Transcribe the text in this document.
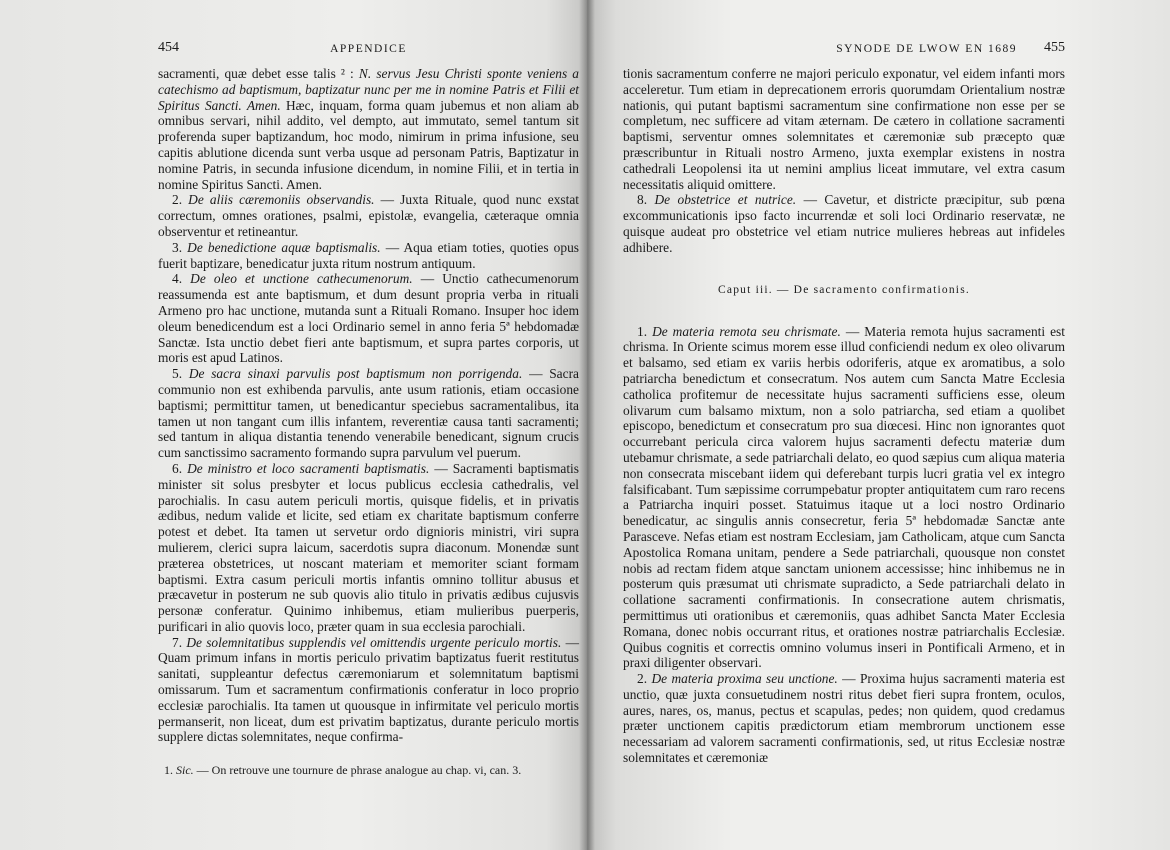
454	APPENDICE

sacramenti, quæ debet esse talis ² : N. servus Jesu Christi sponte veniens a catechismo ad baptismum, baptizatur nunc per me in nomine Patris et Filii et Spiritus Sancti. Amen. Hæc, inquam, forma quam jubemus et non aliam ab omnibus servari, nihil addito, vel dempto, aut immutato, semel tantum sit proferenda super baptizandum, hoc modo, nimirum in prima infusione, seu capitis ablutione dicenda sunt verba usque ad personam Patris, Baptizatur in nomine Patris, in secunda infusione dicendum, in nomine Filii, et in tertia in nomine Spiritus Sancti. Amen.

2. De aliis cæremoniis observandis. — Juxta Rituale, quod nunc exstat correctum, omnes orationes, psalmi, epistolæ, evangelia, cæteraque omnia observentur et retineantur.

3. De benedictione aquæ baptismalis. — Aqua etiam toties, quoties opus fuerit baptizare, benedicatur juxta ritum nostrum antiquum.

4. De oleo et unctione cathecumenorum. — Unctio cathecumenorum reassumenda est ante baptismum, et dum desunt propria verba in rituali Armeno pro hac unctione, mutanda sunt a Rituali Romano. Insuper hoc idem oleum benedicendum est a loci Ordinario semel in anno feria 5ª hebdomadæ Sanctæ. Ista unctio debet fieri ante baptismum, et supra partes corporis, ut moris est apud Latinos.

5. De sacra sinaxi parvulis post baptismum non porrigenda. — Sacra communio non est exhibenda parvulis, ante usum rationis, etiam occasione baptismi; permittitur tamen, ut benedicantur speciebus sacramentalibus, ita tamen ut non tangant cum illis infantem, reverentiæ causa tanti sacramenti; sed tantum in aliqua distantia tenendo venerabile benedicant, signum crucis cum sanctissimo sacramento formando supra parvulum vel puerum.

6. De ministro et loco sacramenti baptismatis. — Sacramenti baptismatis minister sit solus presbyter et locus publicus ecclesia cathedralis, vel parochialis. In casu autem periculi mortis, quisque fidelis, et in privatis ædibus, nedum valide et licite, sed etiam ex charitate baptismum conferre potest et debet. Ita tamen ut servetur ordo digniorіs ministri, viri supra mulierem, clerici supra laicum, sacerdotis supra diaconum. Monendæ sunt præterea obstetrices, ut noscant materiam et memoriter sciant formam baptismi. Extra casum periculi mortis infantis omnino tollitur abusus et præcavetur in posterum ne sub quovis alio titulo in privatis ædibus cujusvis personæ conferatur. Quinimo inhibemus, etiam mulieribus puerperis, purificari in alio quovis loco, præter quam in sua ecclesia parochiali.

7. De solemnitatibus supplendis vel omittendis urgente periculo mortis. — Quam primum infans in mortis periculo privatim baptizatus fuerit restitutus sanitati, suppleantur defectus cæremoniarum et solemnitatum baptismi omissarum. Tum et sacramentum confirmationis conferatur in loco proprio ecclesiæ parochialis. Ita tamen ut quousque in infirmitate vel periculo mortis permanserit, non liceat, dum est privatim baptizatus, durante periculo mortis supplere dictas solemnitates, neque confirma-

1. Sic. — On retrouve une tournure de phrase analogue au chap. vi, can. 3.
SYNODE DE LWOW EN 1689 455

tionis sacramentum conferre ne majori periculo exponatur, vel eidem infanti mors acceleretur. Tum etiam in deprecationem erroris quorumdam Orientalium nostræ nationis, qui putant baptismi sacramentum sine confirmatione non esse per se completum, nec sufficere ad vitam æternam. De cætero in collatione sacramenti baptismi, serventur omnes solemnitates et cæremoniæ sub præcepto quæ præscribuntur in Rituali nostro Armeno, juxta exemplar existens in nostra cathedrali Leopolensi ita ut nemini amplius liceat immutare, vel extra casum necessitatis aliquid omittere.

8. De obstetrice et nutrice. — Cavetur, et districte præcipitur, sub pœna excommunicationis ipso facto incurrendæ et soli loci Ordinario reservatæ, ne quisque audeat pro obstetrice vel etiam nutrice mulieres hebreas aut infideles adhibere.

Caput iii. — De sacramento confirmationis.

1. De materia remota seu chrismate. — Materia remota hujus sacramenti est chrisma. In Oriente scimus morem esse illud conficiendi nedum ex oleo olivarum et balsamo, sed etiam ex variis herbis odoriferis, atque ex aromatibus, a solo patriarcha benedictum et consecratum. Nos autem cum Sancta Matre Ecclesia catholica profitemur de necessitate hujus sacramenti sufficiens esse, oleum olivarum cum balsamo mixtum, non a solo patriarcha, sed etiam a quolibet episcopo, benedictum et consecratum pro sua diœcesi. Hinc non ignorantes quot occurrebant pericula circa valorem hujus sacramenti defectu materiæ dum utebamur chrismate, a sede patriarchali delato, eo quod sæpius cum aliqua materia non consecrata miscebant iidem qui deferebant turpis lucri gratia vel ex integro falsificabant. Tum sæpissime corrumpebatur propter antiquitatem cum raro recens a Patriarcha inquiri posset. Statuimus itaque ut a loci nostro Ordinario benedicatur, ac singulis annis consecretur, feria 5ª hebdomadæ Sanctæ ante Parasceve. Nefas etiam est nostram Ecclesiam, jam Catholicam, atque cum Sancta Apostolica Romana unitam, pendere a Sede patriarchali, quousque non constet nobis ad rectam fidem atque sanctam unionem accessisse; hinc inhibemus ne in posterum quis præsumat uti chrismate supradicto, a Sede patriarchali delato in collatione sacramenti confirmationis. In consecratione autem chrismatis, permittimus uti orationibus et cæremoniis, quas adhibet Sancta Mater Ecclesia Romana, donec nobis occurrant ritus, et orationes nostræ patriarchalis Ecclesiæ. Quibus cognitis et correctis omnino volumus inseri in Pontificali Armeno, et in praxi diligenter observari.

2. De materia proxima seu unctione. — Proxima hujus sacramenti materia est unctio, quæ juxta consuetudinem nostri ritus debet fieri supra frontem, oculos, aures, nares, os, manus, pectus et scapulas, pedes; non quidem, quod credamus præter unctionem capitis prædictorum etiam membrorum unctionem esse necessariam ad valorem sacramenti confirmationis, sed, ut ritus Ecclesiæ nostræ solemnitates et cæremoniæ
